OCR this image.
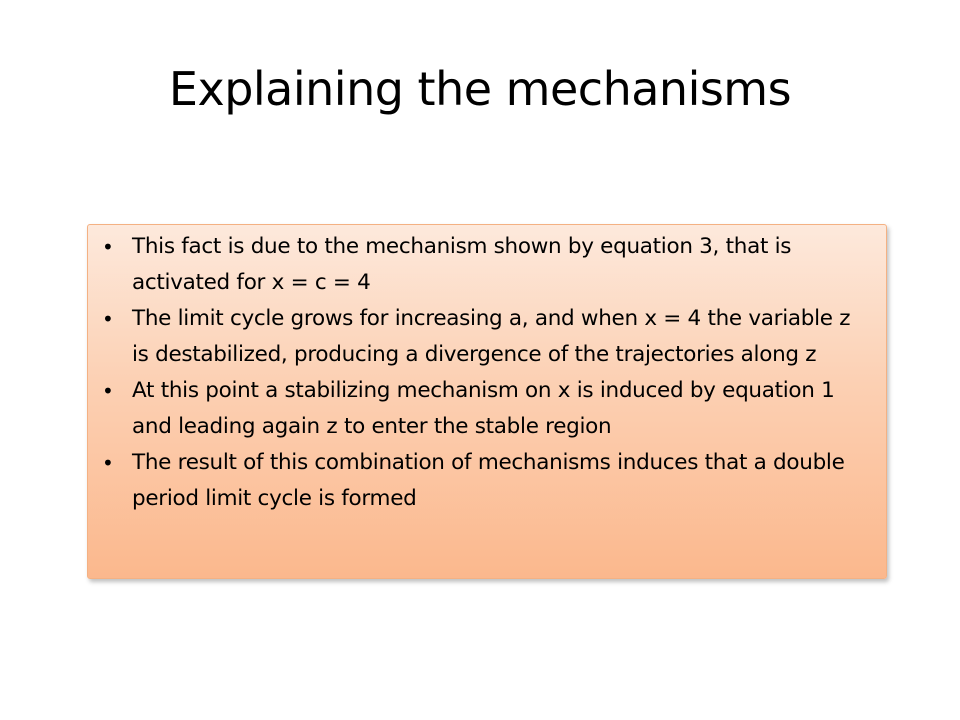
Explaining the mechanisms
• This fact is due to the mechanism shown by equation 3, that is activated for x = c = 4
• The limit cycle grows for increasing a, and when x = 4 the variable z is destabilized, producing a divergence of the trajectories along z
• At this point a stabilizing mechanism on x is induced by equation 1 and leading again z to enter the stable region
• The result of this combination of mechanisms induces that a double period limit cycle is formed
